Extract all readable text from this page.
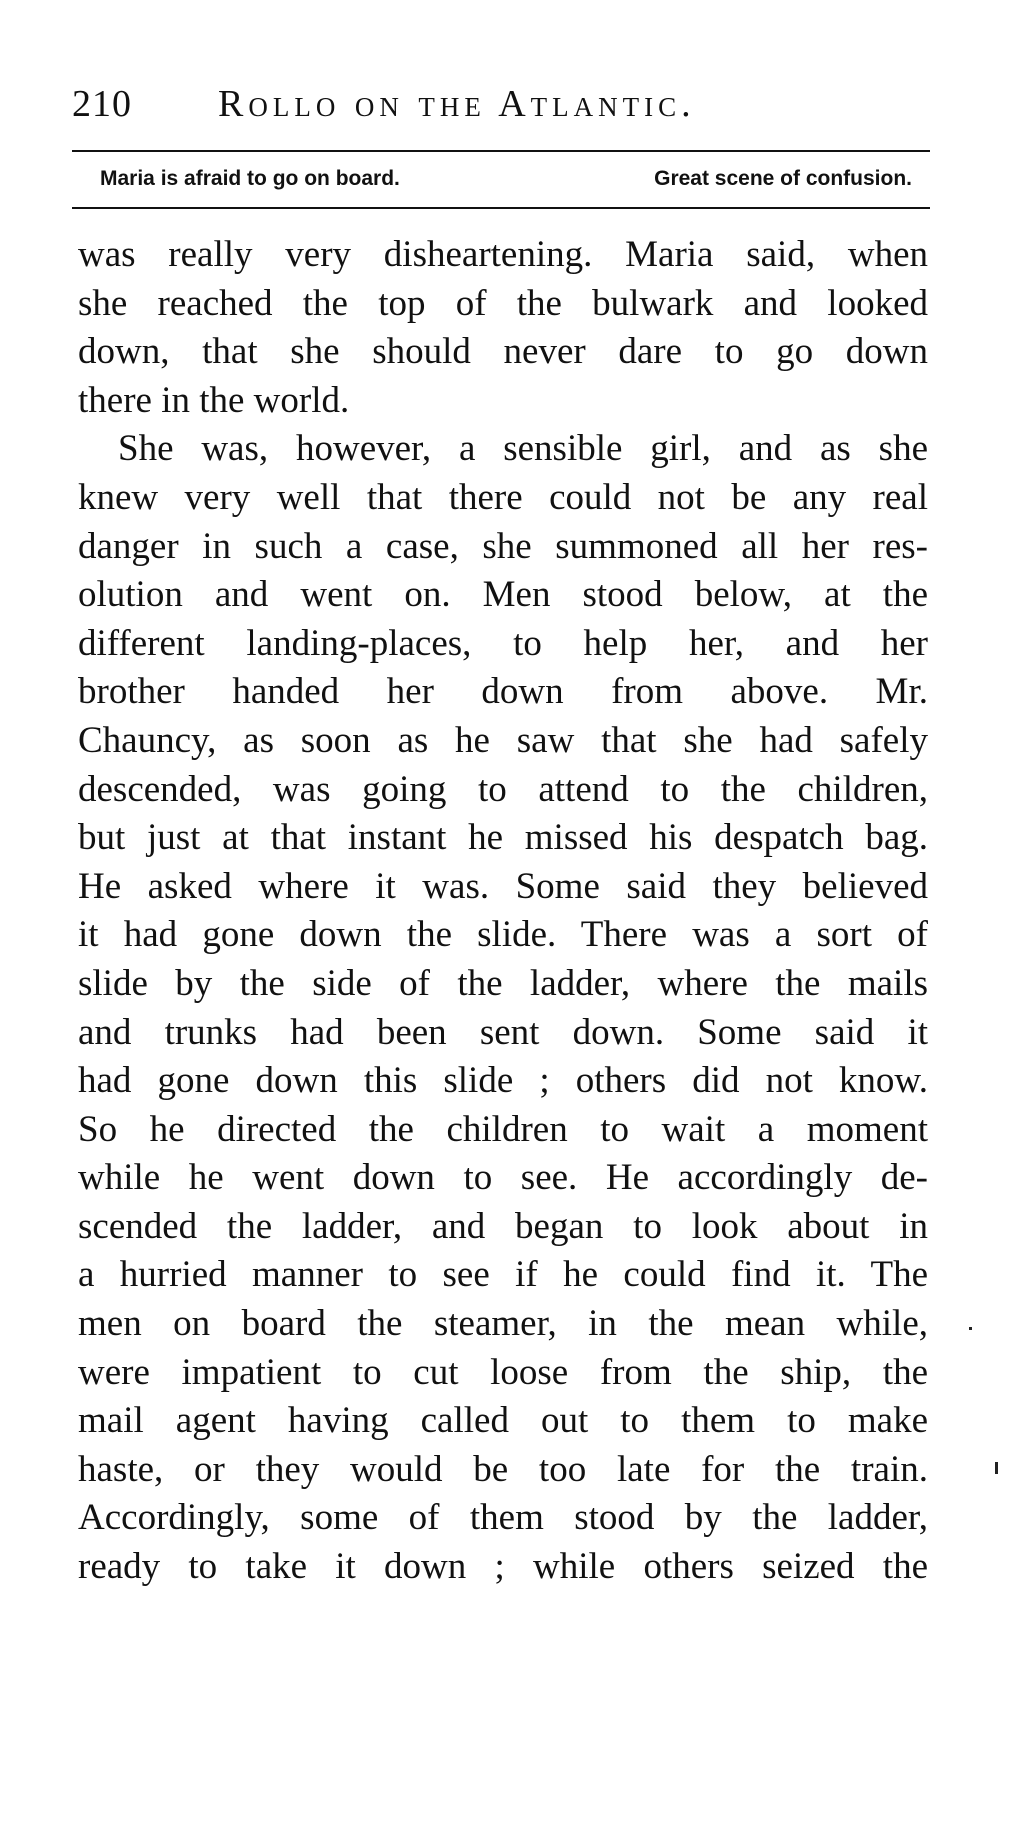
210 Rollo on the Atlantic.
Maria is afraid to go on board.	Great scene of confusion.
was really very disheartening. Maria said, when
she reached the top of the bulwark and looked
down, that she should never dare to go down
there in the world.
She was, however, a sensible girl, and as she
knew very well that there could not be any real
danger in such a case, she summoned all her res-
olution and went on. Men stood below, at the
different landing-places, to help her, and her
brother handed her down from above. Mr.
Chauncy, as soon as he saw that she had safely
descended, was going to attend to the children,
but just at that instant he missed his despatch bag.
He asked where it was. Some said they believed
it had gone down the slide. There was a sort of
slide by the side of the ladder, where the mails
and trunks had been sent down. Some said it
had gone down this slide ; others did not know.
So he directed the children to wait a moment
while he went down to see. He accordingly de-
scended the ladder, and began to look about in
a hurried manner to see if he could find it. The
men on board the steamer, in the mean while,
were impatient to cut loose from the ship, the
mail agent having called out to them to make
haste, or they would be too late for the train.
Accordingly, some of them stood by the ladder,
ready to take it down ; while others seized the
